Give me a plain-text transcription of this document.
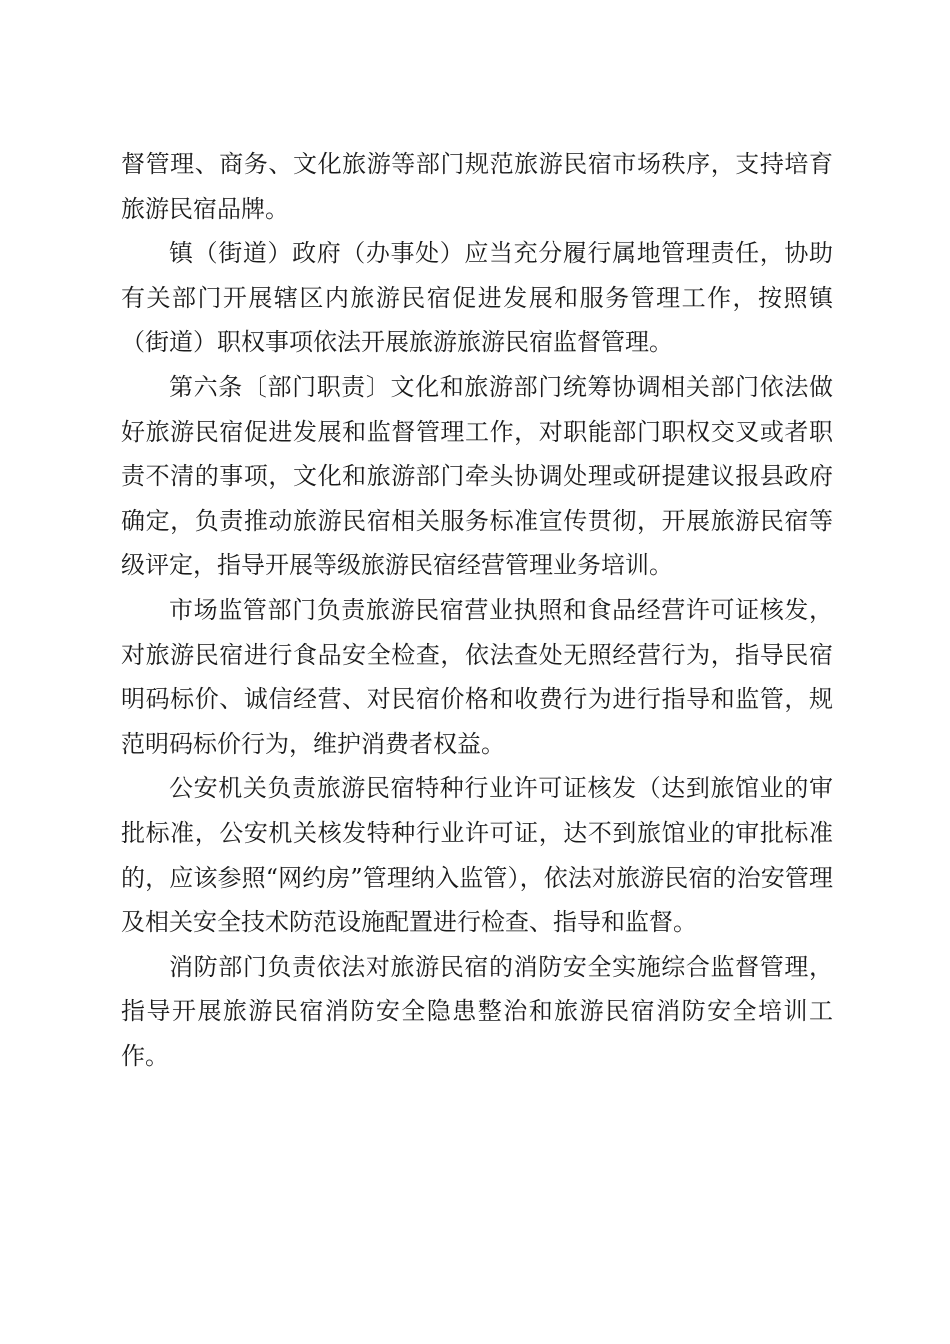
督管理、商务、文化旅游等部门规范旅游民宿市场秩序，支持培育旅游民宿品牌。

镇（街道）政府（办事处）应当充分履行属地管理责任，协助有关部门开展辖区内旅游民宿促进发展和服务管理工作，按照镇（街道）职权事项依法开展旅游旅游民宿监督管理。

第六条〔部门职责〕文化和旅游部门统筹协调相关部门依法做好旅游民宿促进发展和监督管理工作，对职能部门职权交叉或者职责不清的事项，文化和旅游部门牵头协调处理或研提建议报县政府确定，负责推动旅游民宿相关服务标准宣传贯彻，开展旅游民宿等级评定，指导开展等级旅游民宿经营管理业务培训。

市场监管部门负责旅游民宿营业执照和食品经营许可证核发，对旅游民宿进行食品安全检查，依法查处无照经营行为，指导民宿明码标价、诚信经营、对民宿价格和收费行为进行指导和监管，规范明码标价行为，维护消费者权益。

公安机关负责旅游民宿特种行业许可证核发（达到旅馆业的审批标准，公安机关核发特种行业许可证，达不到旅馆业的审批标准的，应该参照“网约房”管理纳入监管），依法对旅游民宿的治安管理及相关安全技术防范设施配置进行检查、指导和监督。

消防部门负责依法对旅游民宿的消防安全实施综合监督管理，指导开展旅游民宿消防安全隐患整治和旅游民宿消防安全培训工作。
